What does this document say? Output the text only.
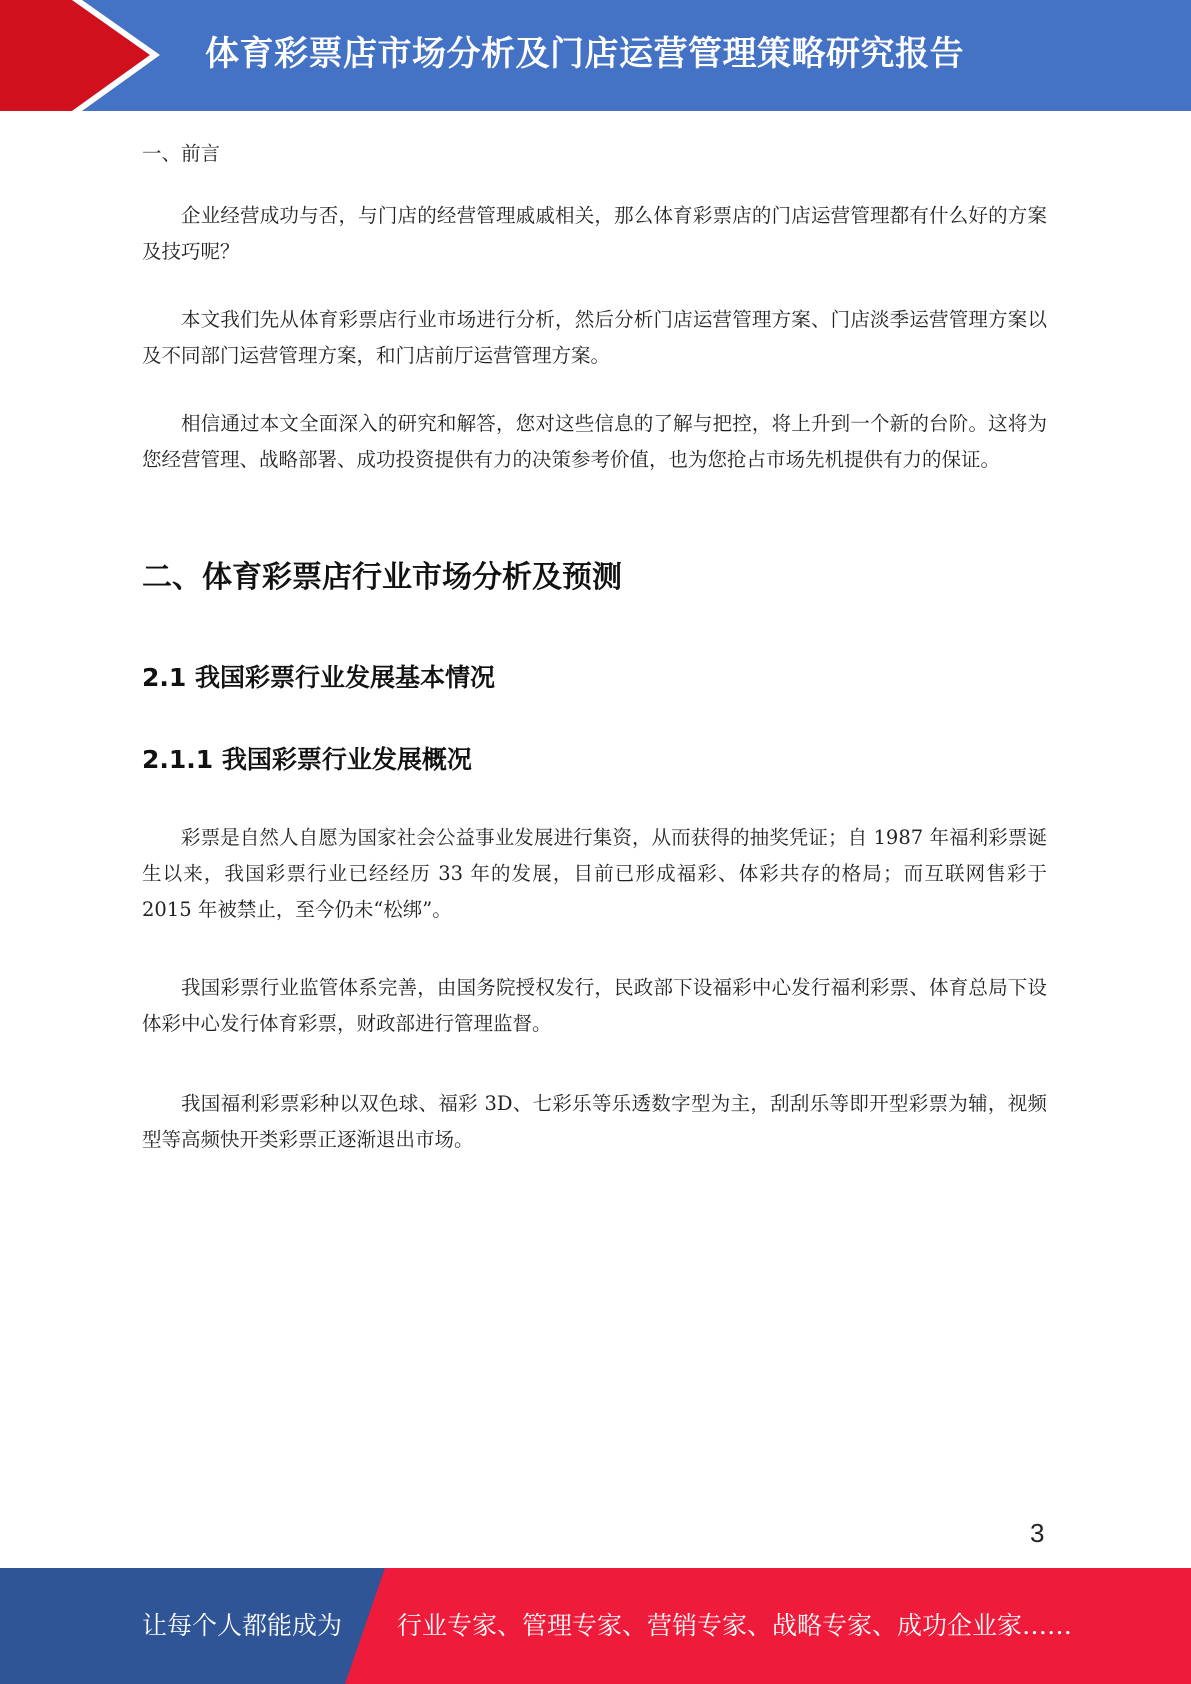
体育彩票店市场分析及门店运营管理策略研究报告
一、前言

企业经营成功与否，与门店的经营管理戚戚相关，那么体育彩票店的门店运营管理都有什么好的方案及技巧呢？

本文我们先从体育彩票店行业市场进行分析，然后分析门店运营管理方案、门店淡季运营管理方案以及不同部门运营管理方案，和门店前厅运营管理方案。

相信通过本文全面深入的研究和解答，您对这些信息的了解与把控，将上升到一个新的台阶。这将为您经营管理、战略部署、成功投资提供有力的决策参考价值，也为您抢占市场先机提供有力的保证。

二、体育彩票店行业市场分析及预测
2.1 我国彩票行业发展基本情况
2.1.1 我国彩票行业发展概况

彩票是自然人自愿为国家社会公益事业发展进行集资，从而获得的抽奖凭证；自 1987 年福利彩票诞生以来，我国彩票行业已经经历 33 年的发展，目前已形成福彩、体彩共存的格局；而互联网售彩于 2015 年被禁止，至今仍未“松绑”。

我国彩票行业监管体系完善，由国务院授权发行，民政部下设福彩中心发行福利彩票、体育总局下设体彩中心发行体育彩票，财政部进行管理监督。

我国福利彩票彩种以双色球、福彩 3D、七彩乐等乐透数字型为主，刮刮乐等即开型彩票为辅，视频型等高频快开类彩票正逐渐退出市场。

3
让每个人都能成为 行业专家、管理专家、营销专家、战略专家、成功企业家……
